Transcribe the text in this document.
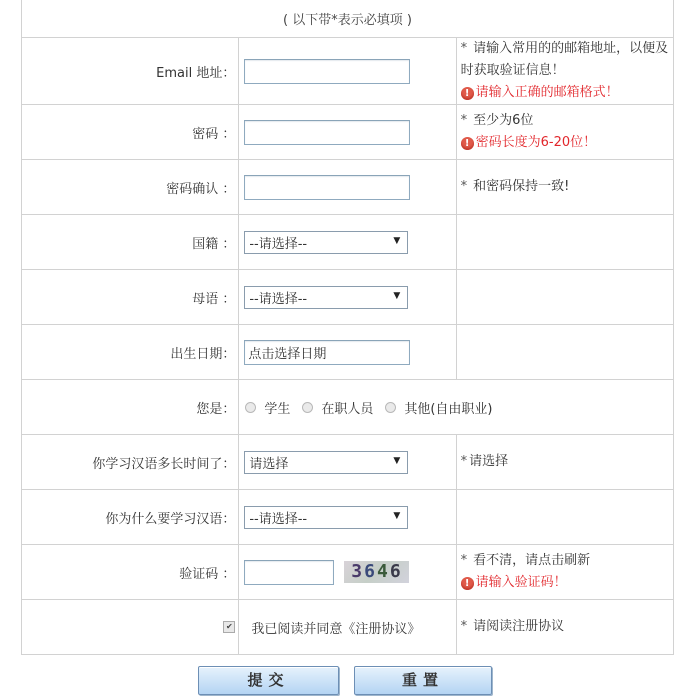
( 以下带*表示必填项 )		
Email 地址：		* 请输入常用的的邮箱地址，以便及时获取验证信息！
! 请输入正确的邮箱格式！

密码 ：		* 至少为6位
! 密码长度为6-20位！

密码确认 ：		* 和密码保持一致!

国籍 ：	--请选择-- ▼	

母语 ：	--请选择-- ▼	

出生日期：	点击选择日期	
您是：	学生 在职人员 其他(自由职业)	

你学习汉语多长时间了：	请选择 ▼	* 请选择
你为什么要学习汉语：	--请选择-- ▼	

验证码 ：	3646	* 看不清，请点击刷新
! 请输入验证码！

✔	我已阅读并同意《注册协议》	* 请阅读注册协议
提交	重置
